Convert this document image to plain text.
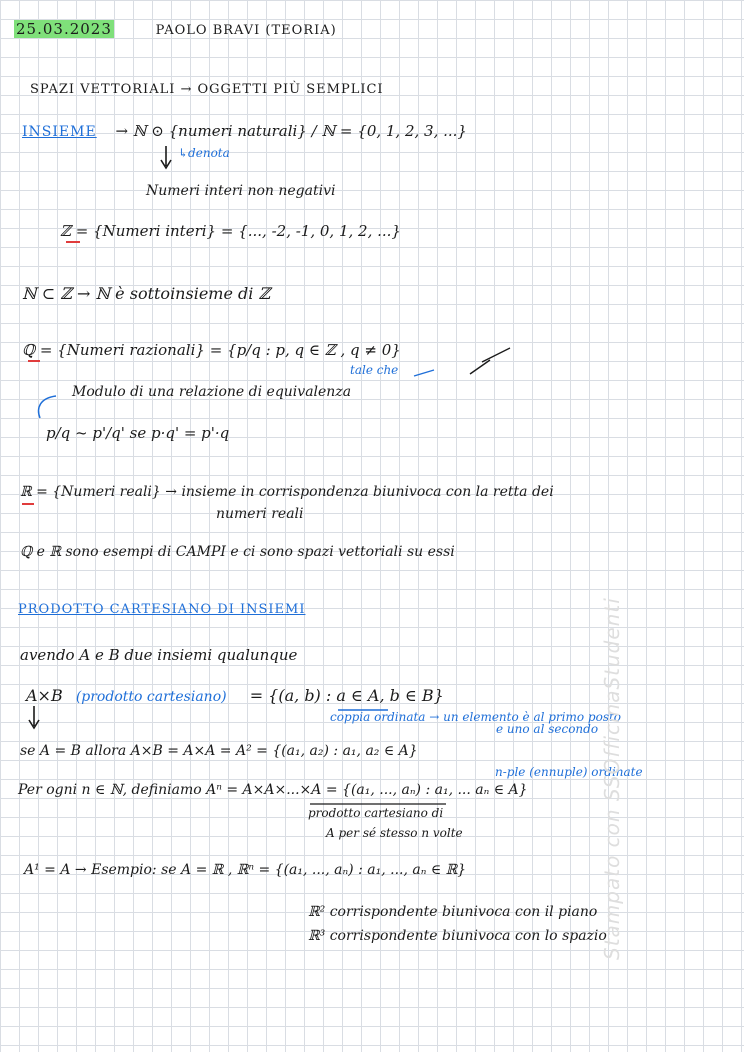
25.03.2023	PAOLO BRAVI (TEORIA)
SPAZI VETTORIALI → OGGETTI PIÙ SEMPLICI
INSIEME → ℕ ⊙ {numeri naturali} / ℕ = {0, 1, 2, 3, ...}
↳denota
Numeri interi non negativi
ℤ = {Numeri interi} = {..., -2, -1, 0, 1, 2, ...}
ℕ ⊂ ℤ → ℕ è sottoinsieme di ℤ
ℚ = {Numeri razionali} = {p/q : p, q ∈ ℤ , q ≠ 0}
tale che
Modulo di una relazione di equivalenza
p/q ~ p'/q' se p·q' = p'·q
ℝ = {Numeri reali} → insieme in corrispondenza biunivoca con la retta dei
numeri reali
ℚ e ℝ sono esempi di CAMPI e ci sono spazi vettoriali su essi
PRODOTTO CARTESIANO DI INSIEMI
avendo A e B due insiemi qualunque
A×B (prodotto cartesiano) = {(a, b) : a ∈ A, b ∈ B}
coppia ordinata → un elemento è al primo posto
e uno al secondo
se A = B allora A×B = A×A = A² = {(a₁, a₂) : a₁, a₂ ∈ A}
n-ple (ennuple) ordinate
Per ogni n ∈ ℕ, definiamo Aⁿ = A×A×...×A = {(a₁, ..., aₙ) : a₁, ... aₙ ∈ A}
prodotto cartesiano di
A per sé stesso n volte
A¹ = A → Esempio: se A = ℝ , ℝⁿ = {(a₁, ..., aₙ) : a₁, ..., aₙ ∈ ℝ}
ℝ² corrispondente biunivoca con il piano
ℝ³ corrispondente biunivoca con lo spazio
Stampato con SSOfficinaStudenti
